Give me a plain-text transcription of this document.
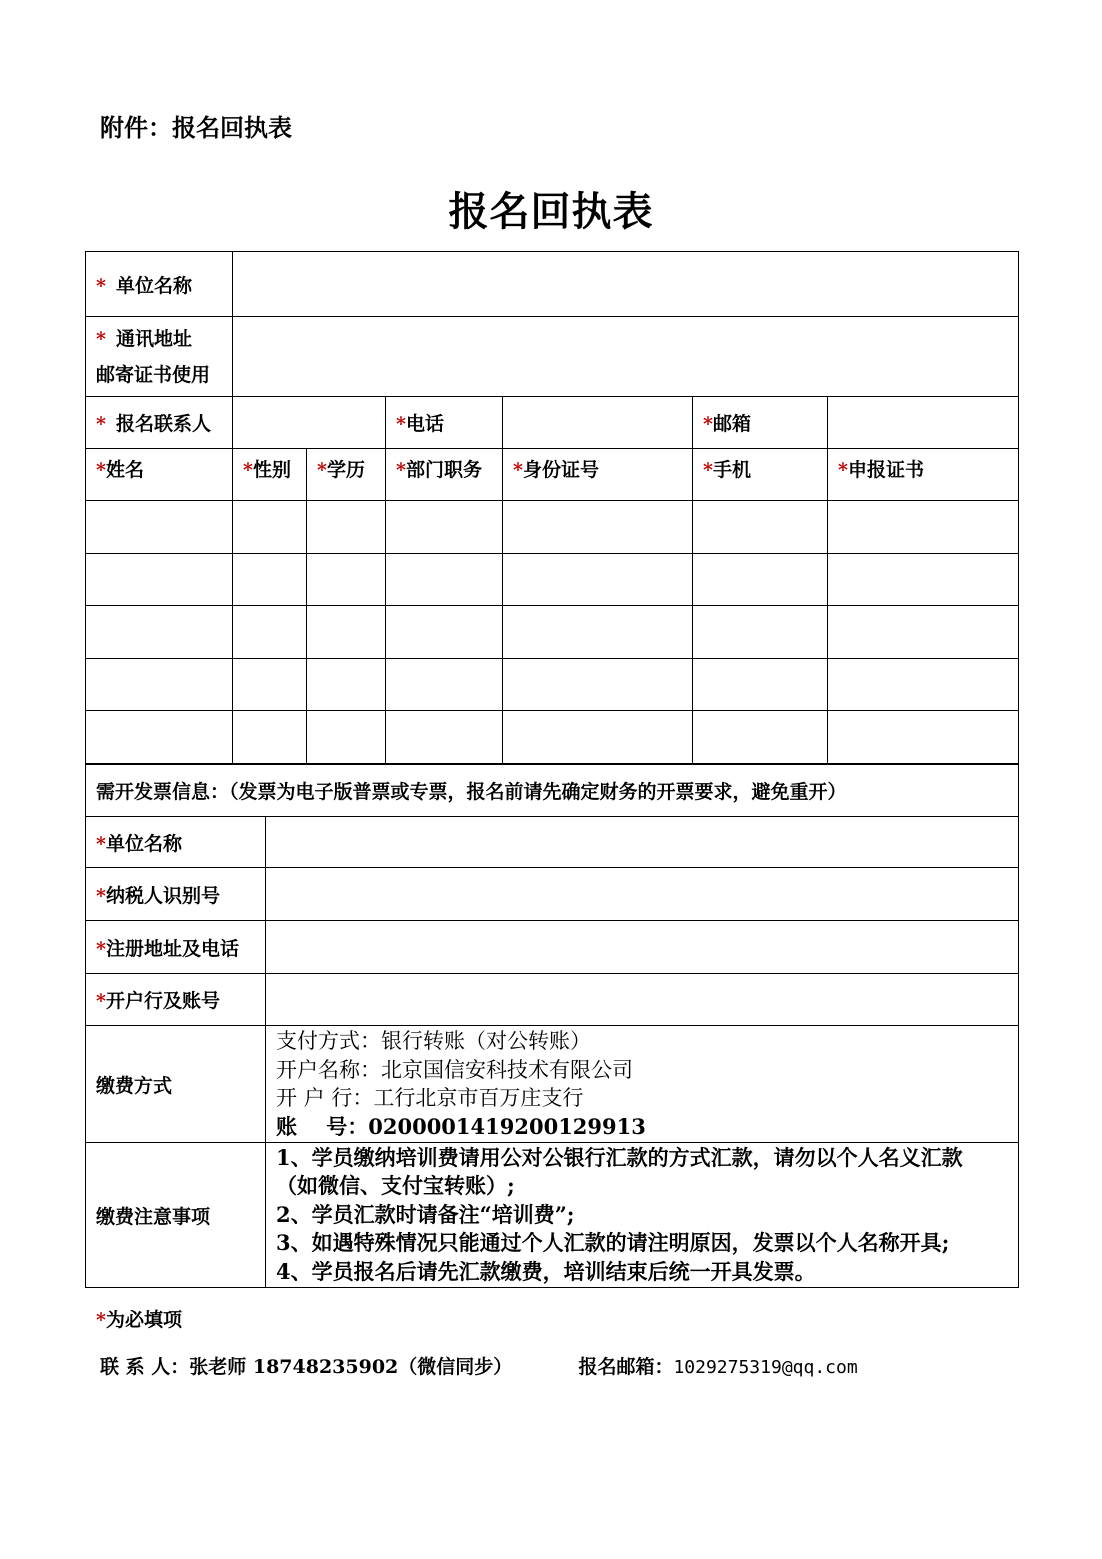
附件：报名回执表
报名回执表
* 单位名称						
* 通讯地址
邮寄证书使用						
* 报名联系人			*电话		*邮箱	
*姓名	*性别	*学历	*部门职务	*身份证号	*手机	*申报证书

需开发票信息：（发票为电子版普票或专票，报名前请先确定财务的开票要求，避免重开）	
*单位名称	
*纳税人识别号	
*注册地址及电话	
*开户行及账号	
缴费方式	支付方式：银行转账（对公转账）
开户名称：北京国信安科技术有限公司
开 户 行：工行北京市百万庄支行
账    号：0200001419200129913

缴费注意事项	1、学员缴纳培训费请用公对公银行汇款的方式汇款，请勿以个人名义汇款
（如微信、支付宝转账）;
2、学员汇款时请备注“培训费”;
3、如遇特殊情况只能通过个人汇款的请注明原因，发票以个人名称开具;
4、学员报名后请先汇款缴费，培训结束后统一开具发票。
*为必填项
联 系 人：张老师 18748235902（微信同步）	报名邮箱：1029275319@qq.com
